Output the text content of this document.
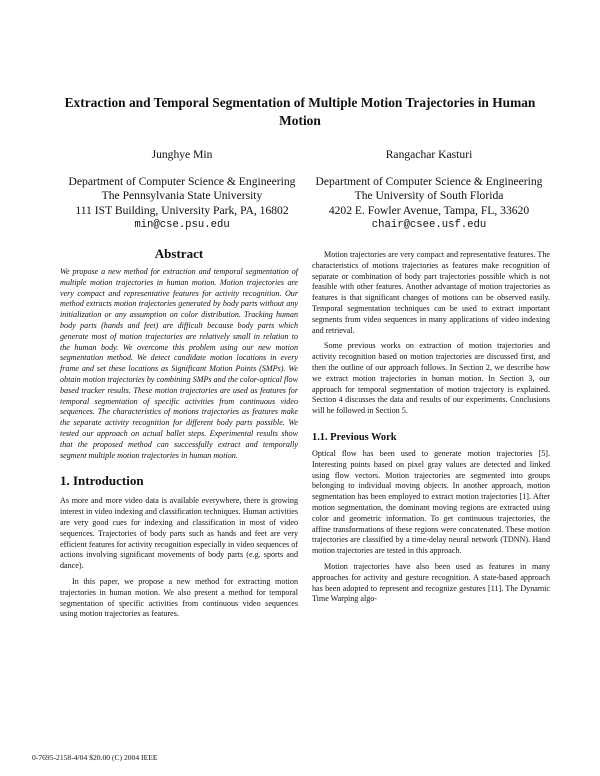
Extraction and Temporal Segmentation of Multiple Motion Trajectories in Human Motion

Junghye Min

Department of Computer Science & Engineering

The Pennsylvania State University

111 IST Building, University Park, PA, 16802

min@cse.psu.edu

Rangachar Kasturi

Department of Computer Science & Engineering

The University of South Florida

4202 E. Fowler Avenue, Tampa, FL, 33620

chair@csee.usf.edu

Abstract

We propose a new method for extraction and temporal segmentation of multiple motion trajectories in human motion. Motion trajectories are very compact and representative features for activity recognition. Our method extracts motion trajectories generated by body parts without any initialization or any assumption on color distribution. Tracking human body parts (hands and feet) are difficult because body parts which generate most of motion trajectories are relatively small in relation to the human body. We overcome this problem using our new motion segmentation method. We detect candidate motion locations in every frame and set these locations as Significant Motion Points (SMPs). We obtain motion trajectories by combining SMPs and the color-optical flow based tracker results. These motion trajectories are used as features for temporal segmentation of specific activities from continuous video sequences. The characteristics of motions trajectories as features make the separate activity recognition for different body parts possible. We tested our approach on actual ballet steps. Experimental results show that the proposed method can successfully extract and temporally segment multiple motion trajectories in human motion.

1. Introduction

As more and more video data is available everywhere, there is growing interest in video indexing and classification techniques. Human activities are very good cues for indexing and classification in most of video sequences. Trajectories of body parts such as hands and feet are very efficient features for activity recognition especially in video sequences of actions involving significant movements of body parts (e.g. sports and dance).

In this paper, we propose a new method for extracting motion trajectories in human motion. We also present a method for temporal segmentation of specific activities from continuous video sequences using motion trajectories as features.

Motion trajectories are very compact and representative features. The characteristics of motions trajectories as features make recognition of separate or combination of body part trajectories possible which is not feasible with other features. Another advantage of motion trajectories as features is that significant changes of motions can be observed easily. Temporal segmentation techniques can be used to extract important segments from video sequences in many applications of video indexing and retrieval.

Some previous works on extraction of motion trajectories and activity recognition based on motion trajectories are discussed first, and then the outline of our approach follows. In Section 2, we describe how we extract motion trajectories in human motion. In Section 3, our approach for temporal segmentation of motion trajectory is explained. Section 4 discusses the data and results of our experiments. Conclusions will be followed in Section 5.

1.1. Previous Work

Optical flow has been used to generate motion trajectories [5]. Interesting points based on pixel gray values are detected and linked using flow vectors. Motion trajectories are segmented into groups belonging to individual moving objects. In another approach, motion segmentation has been employed to extract motion trajectories [1]. After motion segmentation, the dominant moving regions are extracted using color and geometric information. To get continuous trajectories, the affine transformations of these regions were concatenated. These motion trajectories are classified by a time-delay neural network (TDNN). Hand motion trajectories are tested in this approach.

Motion trajectories have also been used as features in many approaches for activity and gesture recognition. A state-based approach has been adopted to represent and recognize gestures [11]. The Dynamic Time Warping algo-

0-7695-2158-4/04 $20.00 (C) 2004 IEEE
